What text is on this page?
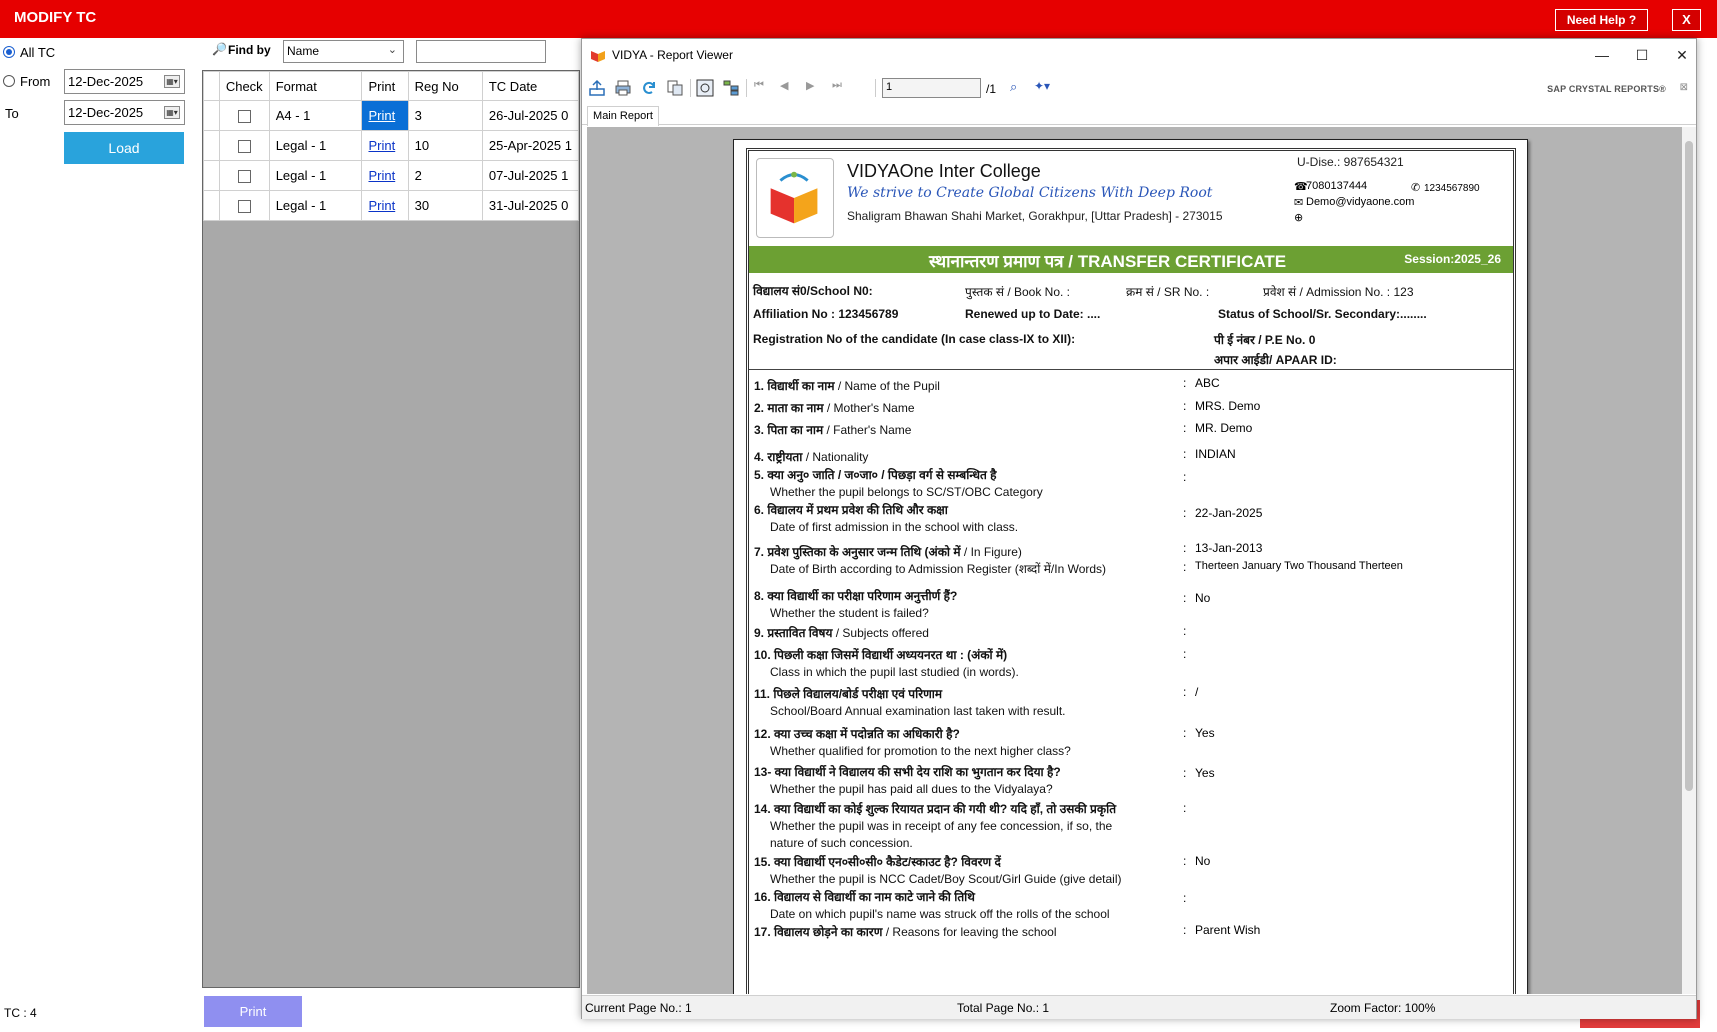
MODIFY TC	Need Help ?	X
All TC
From	12-Dec-2025	▦▾
To	12-Dec-2025	▦▾
Load
🔎 Find by	Name	⌄
	Check	Format	Print	Reg No	TC Date
		A4 - 1	Print	3	26-Jul-2025 0
		Legal - 1	Print	10	25-Apr-2025 1
		Legal - 1	Print	2	07-Jul-2025 1
		Legal - 1	Print	30	31-Jul-2025 0
TC : 4	Print
VIDYA - Report Viewer	—	☐	✕
⏮	◀	▶	⏭	1	/1 ⌕	✦▾	SAP CRYSTAL REPORTS® ⊠
Main Report
VIDYAOne Inter College
We strive to Create Global Citizens With Deep Root
Shaligram Bhawan Shahi Market, Gorakhpur, [Uttar Pradesh] - 273015
U-Dise.: 987654321
☎
7080137444	✆ 1234567890
✉ Demo@vidyaone.com
⊕
स्थानान्तरण प्रमाण पत्र / TRANSFER CERTIFICATE	Session:2025_26
विद्यालय सं0/School N0:	पुस्तक सं / Book No. :	क्रम सं / SR No. :	प्रवेश सं / Admission No. : 123
Affiliation No : 123456789	Renewed up to Date: ....	Status of School/Sr. Secondary:........
Registration No of the candidate (In case class-IX to XII):	पी ई नंबर / P.E No. 0
अपार आईडी/ APAAR ID:
1. विद्यार्थी का नाम / Name of the Pupil	: ABC
2. माता का नाम / Mother's Name	: MRS. Demo
3. पिता का नाम / Father's Name	: MR. Demo
4. राष्ट्रीयता / Nationality	: INDIAN
5. क्या अनु० जाति / ज०जा० / पिछड़ा वर्ग से सम्बन्धित है
Whether the pupil belongs to SC/ST/OBC Category
:
6. विद्यालय में प्रथम प्रवेश की तिथि और कक्षा
Date of first admission in the school with class.
: 22-Jan-2025
7. प्रवेश पुस्तिका के अनुसार जन्म तिथि (अंको में / In Figure)
Date of Birth according to Admission Register (शब्दों में/In Words)
: 13-Jan-2013
: Therteen January Two Thousand Therteen
8. क्या विद्यार्थी का परीक्षा परिणाम अनुत्तीर्ण हैं?
Whether the student is failed?
: No
9. प्रस्तावित विषय / Subjects offered	:
10. पिछली कक्षा जिसमें विद्यार्थी अध्ययनरत था : (अंकों में)
Class in which the pupil last studied (in words).
:
11. पिछले विद्यालय/बोर्ड परीक्षा एवं परिणाम
School/Board Annual examination last taken with result.
: /
12. क्या उच्च कक्षा में पदोन्नति का अधिकारी है?
Whether qualified for promotion to the next higher class?
: Yes
13- क्या विद्यार्थी ने विद्यालय की सभी देय राशि का भुगतान कर दिया है?
Whether the pupil has paid all dues to the Vidyalaya?
: Yes
14. क्या विद्यार्थी का कोई शुल्क रियायत प्रदान की गयी थी? यदि हाँ, तो उसकी प्रकृति
Whether the pupil was in receipt of any fee concession, if so, the
nature of such concession.
:
15. क्या विद्यार्थी एन०सी०सी० कैडेट/स्काउट है? विवरण दें
Whether the pupil is NCC Cadet/Boy Scout/Girl Guide (give detail)
: No
16. विद्यालय से विद्यार्थी का नाम काटे जाने की तिथि
Date on which pupil's name was struck off the rolls of the school
:
17. विद्यालय छोड़ने का कारण / Reasons for leaving the school	: Parent Wish
Current Page No.: 1	Total Page No.: 1	Zoom Factor: 100%
